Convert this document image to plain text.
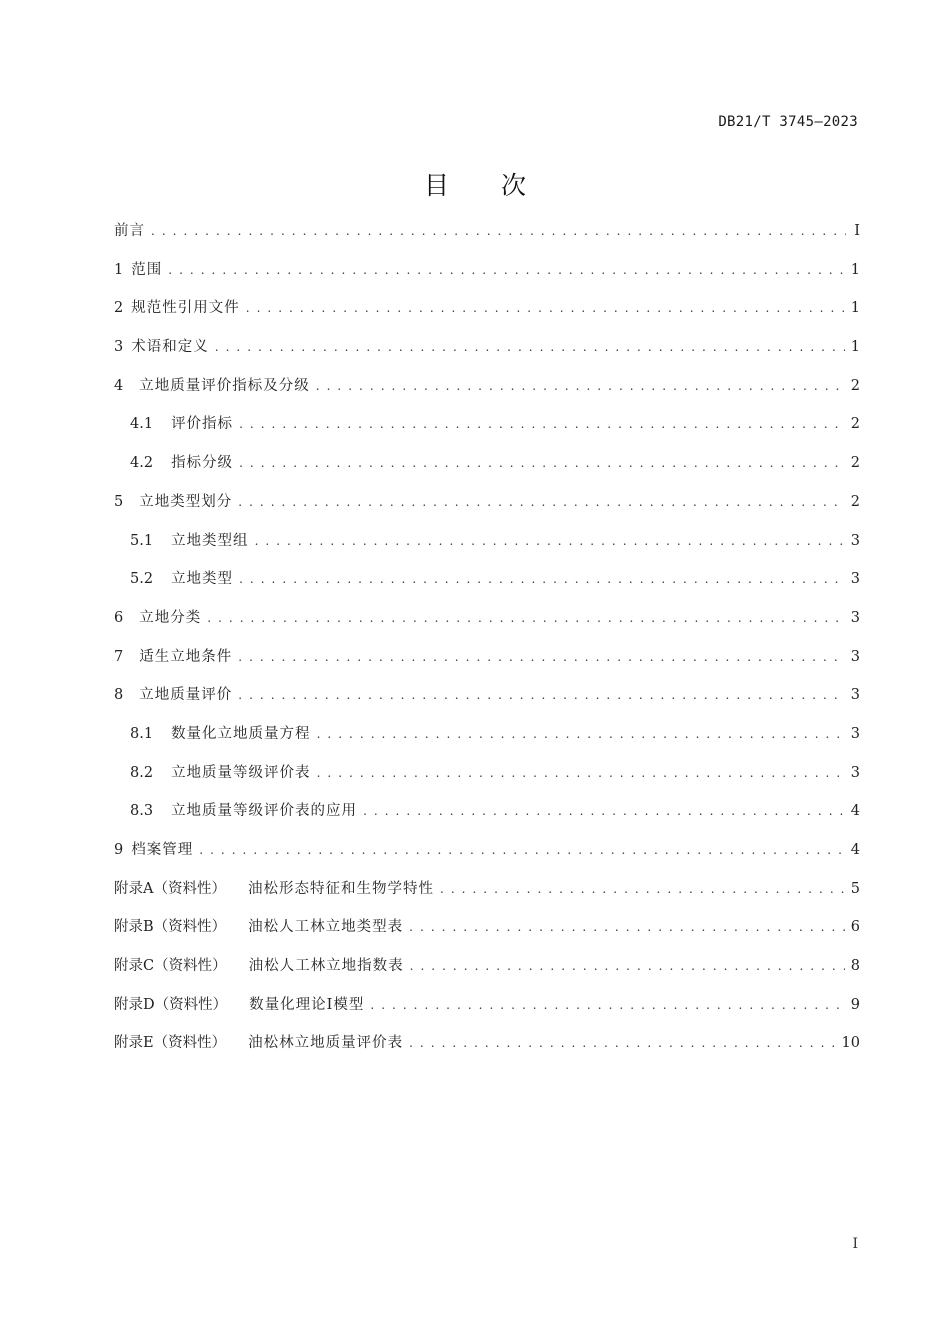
DB21/T 3745—2023
目 次
前言 . . .	I
1 范围 . . .	1
2 规范性引用文件 . . .	1
3 术语和定义 . . .	1
4 立地质量评价指标及分级 . . .	2
4.1 评价指标 . . .	2
4.2 指标分级 . . .	2
5 立地类型划分 . . .	2
5.1 立地类型组 . . .	3
5.2 立地类型 . . .	3
6 立地分类 . . .	3
7 适生立地条件 . . .	3
8 立地质量评价 . . .	3
8.1 数量化立地质量方程 . . .	3
8.2 立地质量等级评价表 . . .	3
8.3 立地质量等级评价表的应用 . . .	4
9 档案管理 . . .	4
附录A（资料性） 油松形态特征和生物学特性 . . .	5
附录B（资料性） 油松人工林立地类型表 . . .	6
附录C（资料性） 油松人工林立地指数表 . . .	8
附录D（资料性） 数量化理论Ⅰ模型 . . .	9
附录E（资料性） 油松林立地质量评价表 . . .	10
I
